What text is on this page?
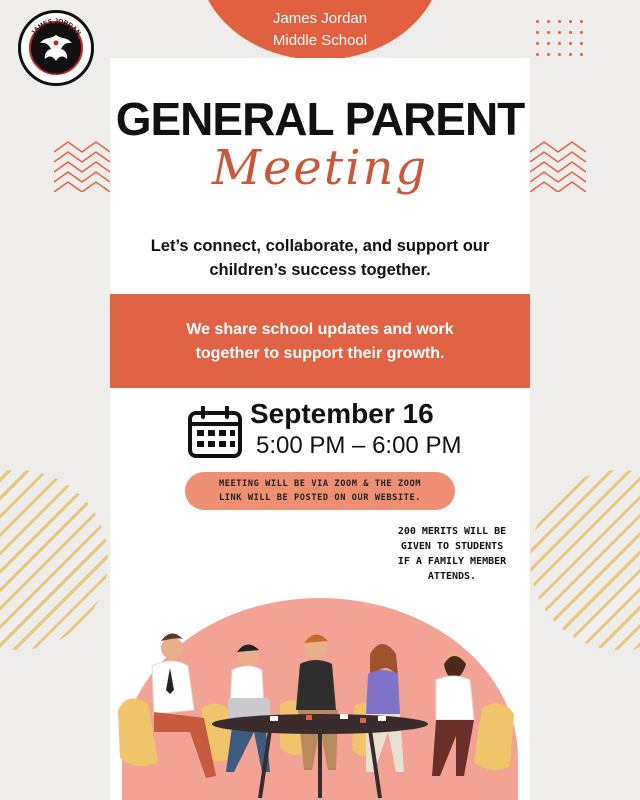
James Jordan
Middle School
JAMES JORDAN
MIDDLE SCHOOL
GENERAL PARENT
Meeting
Let’s connect, collaborate, and support our
children’s success together.
We share school updates and work
together to support their growth.
September 16
5:00 PM – 6:00 PM
MEETING WILL BE VIA ZOOM & THE ZOOM
LINK WILL BE POSTED ON OUR WEBSITE.
200 MERITS WILL BE
GIVEN TO STUDENTS
IF A FAMILY MEMBER
ATTENDS.
